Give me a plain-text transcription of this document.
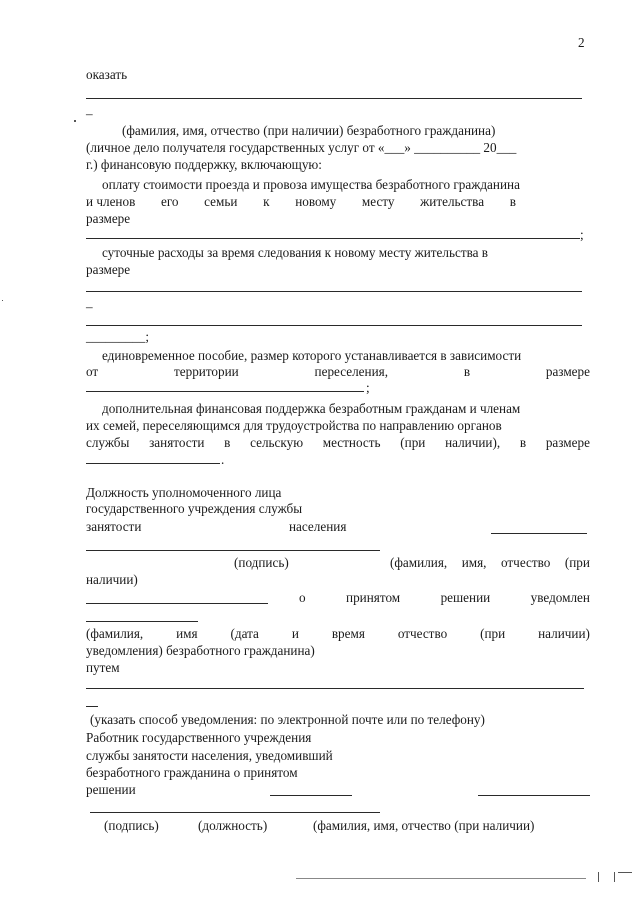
2
оказать
–
(фамилия, имя, отчество (при наличии) безработного гражданина)
(личное дело получателя государственных услуг от «___» __________ 20___
г.) финансовую поддержку, включающую:
оплату стоимости проезда и провоза имущества безработного гражданина
и членов его семьи к новому месту жительства в
размере
;
суточные расходы за время следования к новому месту жительства в
размере
–
_________;
единовременное пособие, размер которого устанавливается в зависимости
от	территории	переселения,	в	размере
;
дополнительная финансовая поддержка безработным гражданам и членам
их семей, переселяющимся для трудоустройства по направлению органов
службы занятости в сельскую местность (при наличии), в размере
.
Должность уполномоченного лица
государственного учреждения службы
занятости	населения
(подпись)	(фамилия, имя, отчество (при
наличии)
о	принятом	решении	уведомлен
(фамилия, имя (дата и время отчество (при наличии)
уведомления) безработного гражданина)
путем
(указать способ уведомления: по электронной почте или по телефону)
Работник государственного учреждения
службы занятости населения, уведомивший
безработного гражданина о принятом
решении
(подпись)	(должность)	(фамилия, имя, отчество (при наличии)
